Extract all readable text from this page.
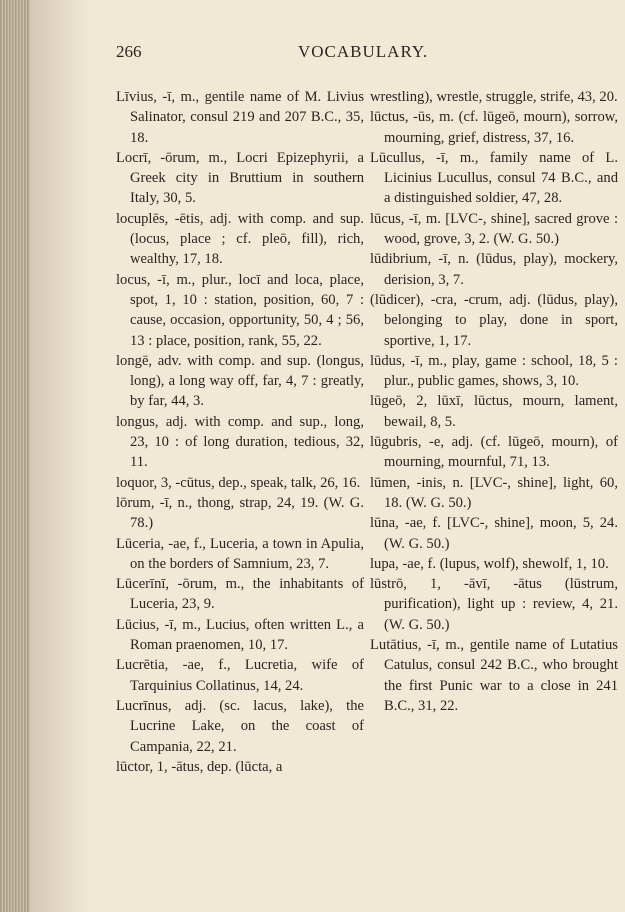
266	VOCABULARY.

Līvius, -ī, m., gentile name of M. Livius Salinator, consul 219 and 207 B.C., 35, 18.

Locrī, -ōrum, m., Locri Epizephyrii, a Greek city in Bruttium in southern Italy, 30, 5.

locuplēs, -ētis, adj. with comp. and sup. (locus, place ; cf. pleō, fill), rich, wealthy, 17, 18.

locus, -ī, m., plur., locī and loca, place, spot, 1, 10 : station, position, 60, 7 : cause, occasion, opportunity, 50, 4 ; 56, 13 : place, position, rank, 55, 22.

longē, adv. with comp. and sup. (longus, long), a long way off, far, 4, 7 : greatly, by far, 44, 3.

longus, adj. with comp. and sup., long, 23, 10 : of long duration, tedious, 32, 11.

loquor, 3, -cūtus, dep., speak, talk, 26, 16.

lōrum, -ī, n., thong, strap, 24, 19. (W. G. 78.)

Lūceria, -ae, f., Luceria, a town in Apulia, on the borders of Samnium, 23, 7.

Lūcerīnī, -ōrum, m., the inhabitants of Luceria, 23, 9.

Lūcius, -ī, m., Lucius, often written L., a Roman praenomen, 10, 17.

Lucrētia, -ae, f., Lucretia, wife of Tarquinius Collatinus, 14, 24.

Lucrīnus, adj. (sc. lacus, lake), the Lucrine Lake, on the coast of Campania, 22, 21.

lūctor, 1, -ātus, dep. (lūcta, a

wrestling), wrestle, struggle, strife, 43, 20.

lūctus, -ūs, m. (cf. lūgeō, mourn), sorrow, mourning, grief, distress, 37, 16.

Lūcullus, -ī, m., family name of L. Licinius Lucullus, consul 74 B.C., and a distinguished soldier, 47, 28.

lūcus, -ī, m. [LVC-, shine], sacred grove : wood, grove, 3, 2. (W. G. 50.)

lūdibrium, -ī, n. (lūdus, play), mockery, derision, 3, 7.

(lūdicer), -cra, -crum, adj. (lūdus, play), belonging to play, done in sport, sportive, 1, 17.

lūdus, -ī, m., play, game : school, 18, 5 : plur., public games, shows, 3, 10.

lūgeō, 2, lūxī, lūctus, mourn, lament, bewail, 8, 5.

lūgubris, -e, adj. (cf. lūgeō, mourn), of mourning, mournful, 71, 13.

lūmen, -inis, n. [LVC-, shine], light, 60, 18. (W. G. 50.)

lūna, -ae, f. [LVC-, shine], moon, 5, 24. (W. G. 50.)

lupa, -ae, f. (lupus, wolf), shewolf, 1, 10.

lūstrō, 1, -āvī, -ātus (lūstrum, purification), light up : review, 4, 21. (W. G. 50.)

Lutātius, -ī, m., gentile name of Lutatius Catulus, consul 242 B.C., who brought the first Punic war to a close in 241 B.C., 31, 22.
